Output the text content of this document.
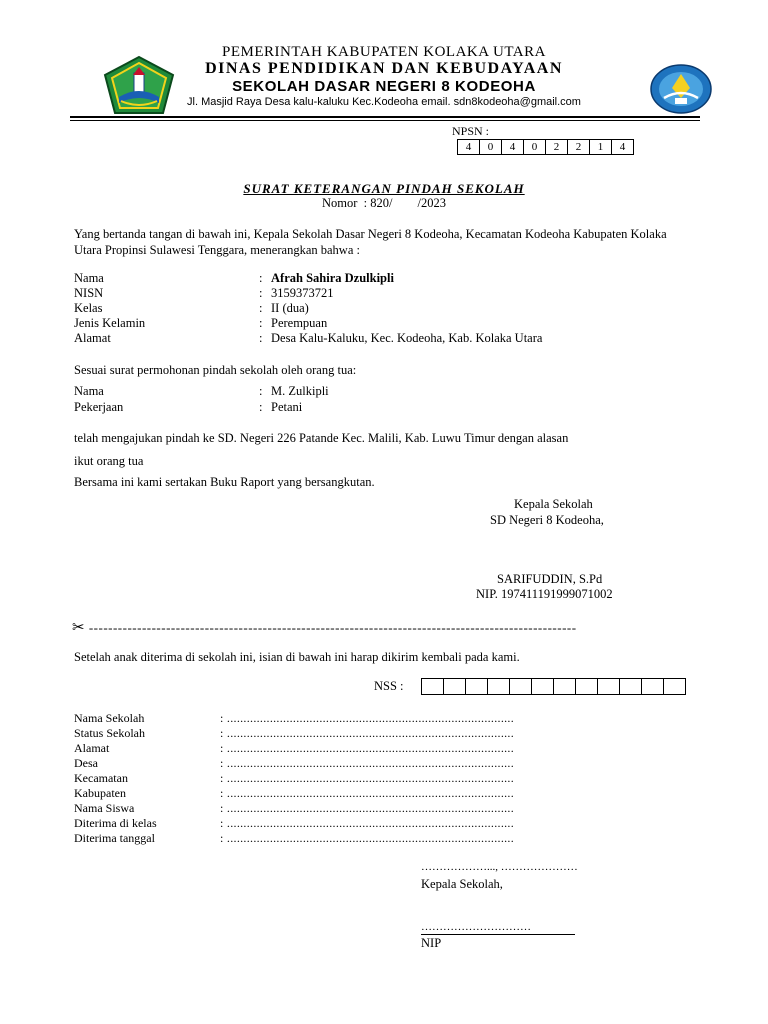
PEMERINTAH KABUPATEN KOLAKA UTARA
DINAS PENDIDIKAN DAN KEBUDAYAAN
SEKOLAH DASAR NEGERI 8 KODEOHA
Jl. Masjid Raya Desa kalu-kaluku Kec.Kodeoha email. sdn8kodeoha@gmail.com
NPSN :
4	0	4	0	2	2	1	4
SURAT KETERANGAN PINDAH SEKOLAH
Nomor  : 820/        /2023
Yang bertanda tangan di bawah ini, Kepala Sekolah Dasar Negeri 8 Kodeoha, Kecamatan Kodeoha Kabupaten Kolaka Utara Propinsi Sulawesi Tenggara, menerangkan bahwa :
Nama	: Afrah Sahira Dzulkipli
NISN	: 3159373721
Kelas	: II (dua)
Jenis Kelamin	: Perempuan
Alamat	: Desa Kalu-Kaluku, Kec. Kodeoha, Kab. Kolaka Utara
Sesuai surat permohonan pindah sekolah oleh orang tua:
Nama	: M. Zulkipli
Pekerjaan	: Petani
telah mengajukan pindah ke SD. Negeri 226 Patande Kec. Malili, Kab. Luwu Timur dengan alasan
ikut orang tua
Bersama ini kami sertakan Buku Raport yang bersangkutan.
Kepala Sekolah
SD Negeri 8 Kodeoha,
SARIFUDDIN, S.Pd
NIP. 197411191999071002
✂ -----------------------------------------------------------------------------------------------------
Setelah anak diterima di sekolah ini, isian di bawah ini harap dikirim kembali pada kami.
NSS :
Nama Sekolah	: .......................................................................................
Status Sekolah	: .......................................................................................
Alamat	: .......................................................................................
Desa	: .......................................................................................
Kecamatan	: .......................................................................................
Kabupaten	: .......................................................................................
Nama Siswa	: .......................................................................................
Diterima di kelas	: .......................................................................................
Diterima tanggal	: .......................................................................................
………………..., …………………
Kepala Sekolah,
…………………………
NIP
